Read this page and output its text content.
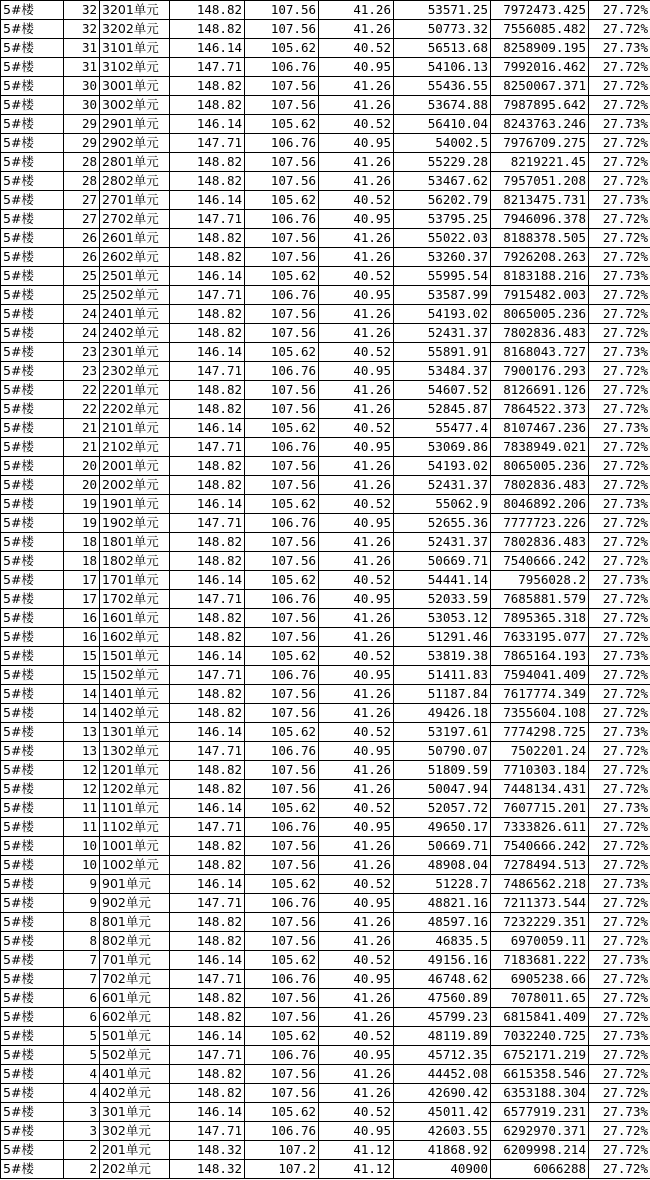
5#楼	32	3201单元	148.82	107.56	41.26	53571.25	7972473.425	27.72%
5#楼	32	3202单元	148.82	107.56	41.26	50773.32	7556085.482	27.72%
5#楼	31	3101单元	146.14	105.62	40.52	56513.68	8258909.195	27.73%
5#楼	31	3102单元	147.71	106.76	40.95	54106.13	7992016.462	27.72%
5#楼	30	3001单元	148.82	107.56	41.26	55436.55	8250067.371	27.72%
5#楼	30	3002单元	148.82	107.56	41.26	53674.88	7987895.642	27.72%
5#楼	29	2901单元	146.14	105.62	40.52	56410.04	8243763.246	27.73%
5#楼	29	2902单元	147.71	106.76	40.95	54002.5	7976709.275	27.72%
5#楼	28	2801单元	148.82	107.56	41.26	55229.28	8219221.45	27.72%
5#楼	28	2802单元	148.82	107.56	41.26	53467.62	7957051.208	27.72%
5#楼	27	2701单元	146.14	105.62	40.52	56202.79	8213475.731	27.73%
5#楼	27	2702单元	147.71	106.76	40.95	53795.25	7946096.378	27.72%
5#楼	26	2601单元	148.82	107.56	41.26	55022.03	8188378.505	27.72%
5#楼	26	2602单元	148.82	107.56	41.26	53260.37	7926208.263	27.72%
5#楼	25	2501单元	146.14	105.62	40.52	55995.54	8183188.216	27.73%
5#楼	25	2502单元	147.71	106.76	40.95	53587.99	7915482.003	27.72%
5#楼	24	2401单元	148.82	107.56	41.26	54193.02	8065005.236	27.72%
5#楼	24	2402单元	148.82	107.56	41.26	52431.37	7802836.483	27.72%
5#楼	23	2301单元	146.14	105.62	40.52	55891.91	8168043.727	27.73%
5#楼	23	2302单元	147.71	106.76	40.95	53484.37	7900176.293	27.72%
5#楼	22	2201单元	148.82	107.56	41.26	54607.52	8126691.126	27.72%
5#楼	22	2202单元	148.82	107.56	41.26	52845.87	7864522.373	27.72%
5#楼	21	2101单元	146.14	105.62	40.52	55477.4	8107467.236	27.73%
5#楼	21	2102单元	147.71	106.76	40.95	53069.86	7838949.021	27.72%
5#楼	20	2001单元	148.82	107.56	41.26	54193.02	8065005.236	27.72%
5#楼	20	2002单元	148.82	107.56	41.26	52431.37	7802836.483	27.72%
5#楼	19	1901单元	146.14	105.62	40.52	55062.9	8046892.206	27.73%
5#楼	19	1902单元	147.71	106.76	40.95	52655.36	7777723.226	27.72%
5#楼	18	1801单元	148.82	107.56	41.26	52431.37	7802836.483	27.72%
5#楼	18	1802单元	148.82	107.56	41.26	50669.71	7540666.242	27.72%
5#楼	17	1701单元	146.14	105.62	40.52	54441.14	7956028.2	27.73%
5#楼	17	1702单元	147.71	106.76	40.95	52033.59	7685881.579	27.72%
5#楼	16	1601单元	148.82	107.56	41.26	53053.12	7895365.318	27.72%
5#楼	16	1602单元	148.82	107.56	41.26	51291.46	7633195.077	27.72%
5#楼	15	1501单元	146.14	105.62	40.52	53819.38	7865164.193	27.73%
5#楼	15	1502单元	147.71	106.76	40.95	51411.83	7594041.409	27.72%
5#楼	14	1401单元	148.82	107.56	41.26	51187.84	7617774.349	27.72%
5#楼	14	1402单元	148.82	107.56	41.26	49426.18	7355604.108	27.72%
5#楼	13	1301单元	146.14	105.62	40.52	53197.61	7774298.725	27.73%
5#楼	13	1302单元	147.71	106.76	40.95	50790.07	7502201.24	27.72%
5#楼	12	1201单元	148.82	107.56	41.26	51809.59	7710303.184	27.72%
5#楼	12	1202单元	148.82	107.56	41.26	50047.94	7448134.431	27.72%
5#楼	11	1101单元	146.14	105.62	40.52	52057.72	7607715.201	27.73%
5#楼	11	1102单元	147.71	106.76	40.95	49650.17	7333826.611	27.72%
5#楼	10	1001单元	148.82	107.56	41.26	50669.71	7540666.242	27.72%
5#楼	10	1002单元	148.82	107.56	41.26	48908.04	7278494.513	27.72%
5#楼	9	901单元	146.14	105.62	40.52	51228.7	7486562.218	27.73%
5#楼	9	902单元	147.71	106.76	40.95	48821.16	7211373.544	27.72%
5#楼	8	801单元	148.82	107.56	41.26	48597.16	7232229.351	27.72%
5#楼	8	802单元	148.82	107.56	41.26	46835.5	6970059.11	27.72%
5#楼	7	701单元	146.14	105.62	40.52	49156.16	7183681.222	27.73%
5#楼	7	702单元	147.71	106.76	40.95	46748.62	6905238.66	27.72%
5#楼	6	601单元	148.82	107.56	41.26	47560.89	7078011.65	27.72%
5#楼	6	602单元	148.82	107.56	41.26	45799.23	6815841.409	27.72%
5#楼	5	501单元	146.14	105.62	40.52	48119.89	7032240.725	27.73%
5#楼	5	502单元	147.71	106.76	40.95	45712.35	6752171.219	27.72%
5#楼	4	401单元	148.82	107.56	41.26	44452.08	6615358.546	27.72%
5#楼	4	402单元	148.82	107.56	41.26	42690.42	6353188.304	27.72%
5#楼	3	301单元	146.14	105.62	40.52	45011.42	6577919.231	27.73%
5#楼	3	302单元	147.71	106.76	40.95	42603.55	6292970.371	27.72%
5#楼	2	201单元	148.32	107.2	41.12	41868.92	6209998.214	27.72%
5#楼	2	202单元	148.32	107.2	41.12	40900	6066288	27.72%
